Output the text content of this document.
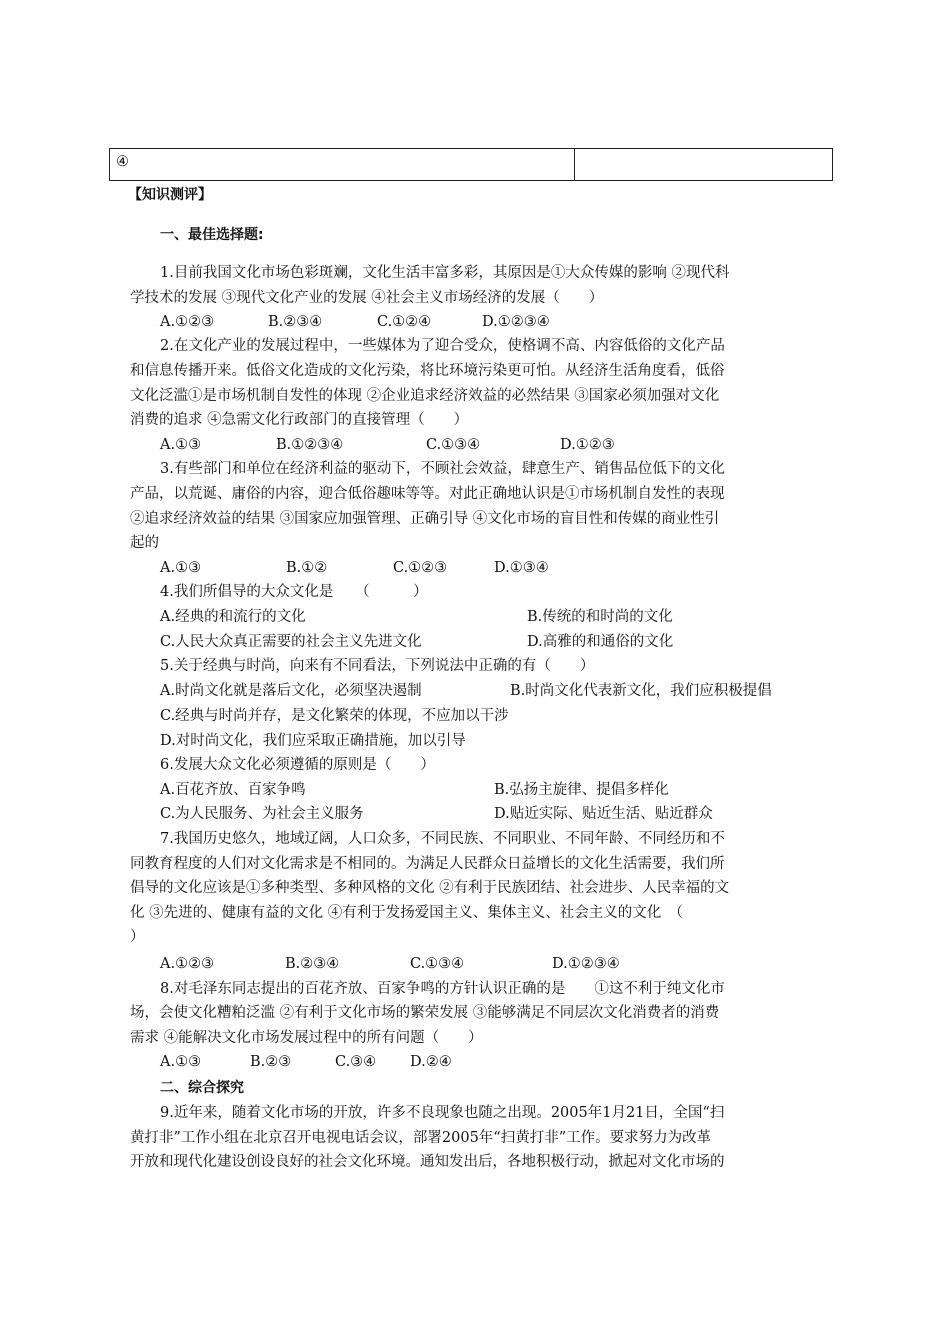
④
【知识测评】
一、最佳选择题:
1.目前我国文化市场色彩斑斓，文化生活丰富多彩，其原因是①大众传媒的影响 ②现代科
学技术的发展 ③现代文化产业的发展 ④社会主义市场经济的发展（　　）
A.①②③	B.②③④	C.①②④	D.①②③④
2.在文化产业的发展过程中，一些媒体为了迎合受众，使格调不高、内容低俗的文化产品
和信息传播开来。低俗文化造成的文化污染，将比环境污染更可怕。从经济生活角度看，低俗
文化泛滥①是市场机制自发性的体现 ②企业追求经济效益的必然结果 ③国家必须加强对文化
消费的追求 ④急需文化行政部门的直接管理（　　）
A.①③	B.①②③④	C.①③④	D.①②③
3.有些部门和单位在经济利益的驱动下，不顾社会效益，肆意生产、销售品位低下的文化
产品，以荒诞、庸俗的内容，迎合低俗趣味等等。对此正确地认识是①市场机制自发性的表现
②追求经济效益的结果 ③国家应加强管理、正确引导 ④文化市场的盲目性和传媒的商业性引
起的
A.①③	B.①②	C.①②③	D.①③④
4.我们所倡导的大众文化是　　（　　　）
A.经典的和流行的文化	B.传统的和时尚的文化
C.人民大众真正需要的社会主义先进文化	D.高雅的和通俗的文化
5.关于经典与时尚，向来有不同看法，下列说法中正确的有（　　）
A.时尚文化就是落后文化，必须坚决遏制	B.时尚文化代表新文化，我们应积极提倡
C.经典与时尚并存，是文化繁荣的体现，不应加以干涉
D.对时尚文化，我们应采取正确措施，加以引导
6.发展大众文化必须遵循的原则是（　　）
A.百花齐放、百家争鸣	B.弘扬主旋律、提倡多样化
C.为人民服务、为社会主义服务	D.贴近实际、贴近生活、贴近群众
7.我国历史悠久，地域辽阔，人口众多，不同民族、不同职业、不同年龄、不同经历和不
同教育程度的人们对文化需求是不相同的。为满足人民群众日益增长的文化生活需要，我们所
倡导的文化应该是①多种类型、多种风格的文化 ②有利于民族团结、社会进步、人民幸福的文
化 ③先进的、健康有益的文化 ④有利于发扬爱国主义、集体主义、社会主义的文化　（
）
A.①②③	B.②③④	C.①③④	D.①②③④
8.对毛泽东同志提出的百花齐放、百家争鸣的方针认识正确的是　　①这不利于纯文化市
场，会使文化糟粕泛滥 ②有利于文化市场的繁荣发展 ③能够满足不同层次文化消费者的消费
需求 ④能解决文化市场发展过程中的所有问题（　　）
A.①③	B.②③	C.③④ D.②④
二、综合探究
9.近年来，随着文化市场的开放，许多不良现象也随之出现。2005年1月21日，全国“扫
黄打非”工作小组在北京召开电视电话会议，部署2005年“扫黄打非”工作。要求努力为改革
开放和现代化建设创设良好的社会文化环境。通知发出后，各地积极行动，掀起对文化市场的
